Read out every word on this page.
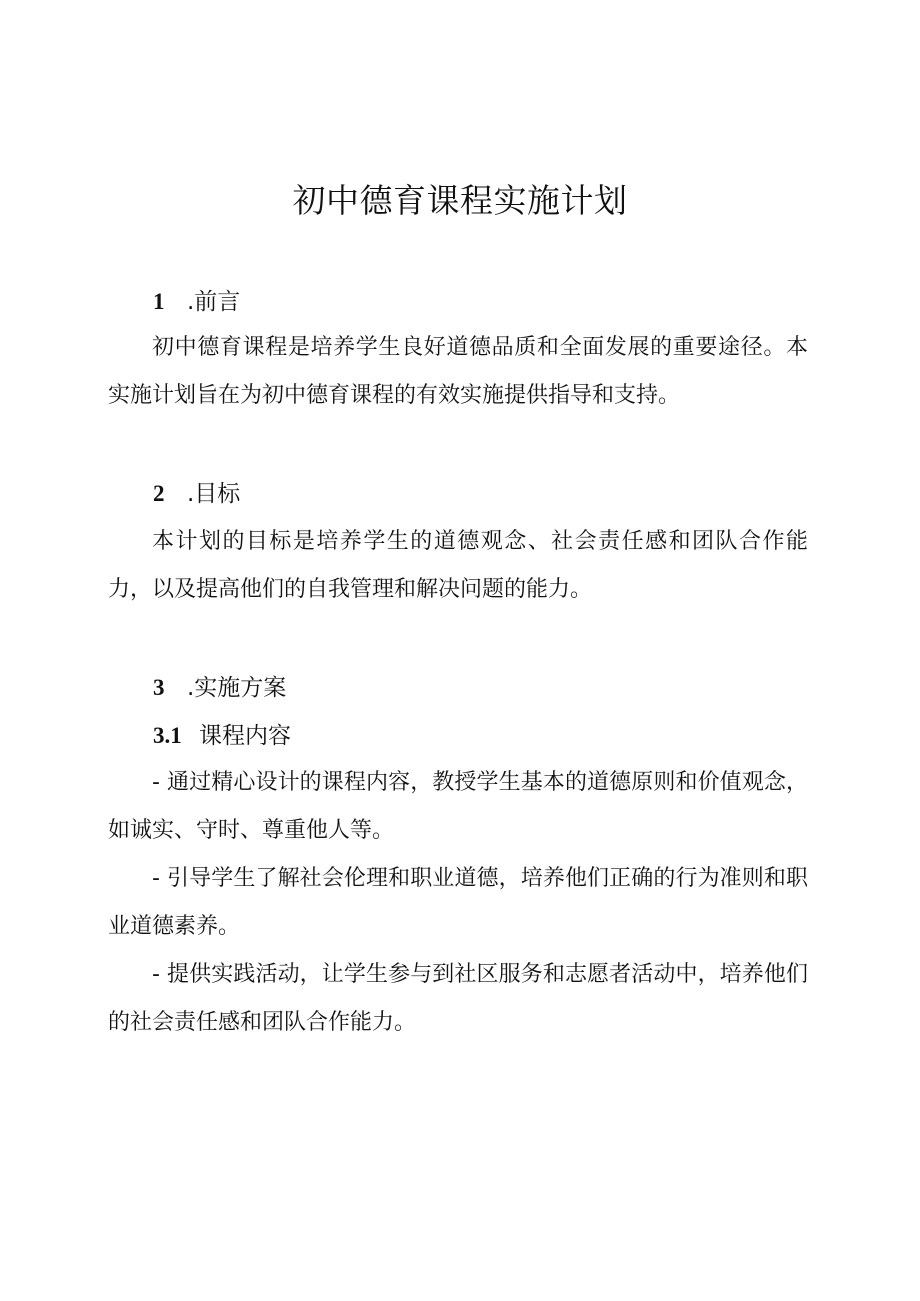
初中德育课程实施计划
1 .前言

初中德育课程是培养学生良好道德品质和全面发展的重要途径。本实施计划旨在为初中德育课程的有效实施提供指导和支持。

2 .目标

本计划的目标是培养学生的道德观念、社会责任感和团队合作能力，以及提高他们的自我管理和解决问题的能力。

3 .实施方案
3.1 课程内容

- 通过精心设计的课程内容，教授学生基本的道德原则和价值观念，如诚实、守时、尊重他人等。

- 引导学生了解社会伦理和职业道德，培养他们正确的行为准则和职业道德素养。

- 提供实践活动，让学生参与到社区服务和志愿者活动中，培养他们的社会责任感和团队合作能力。
